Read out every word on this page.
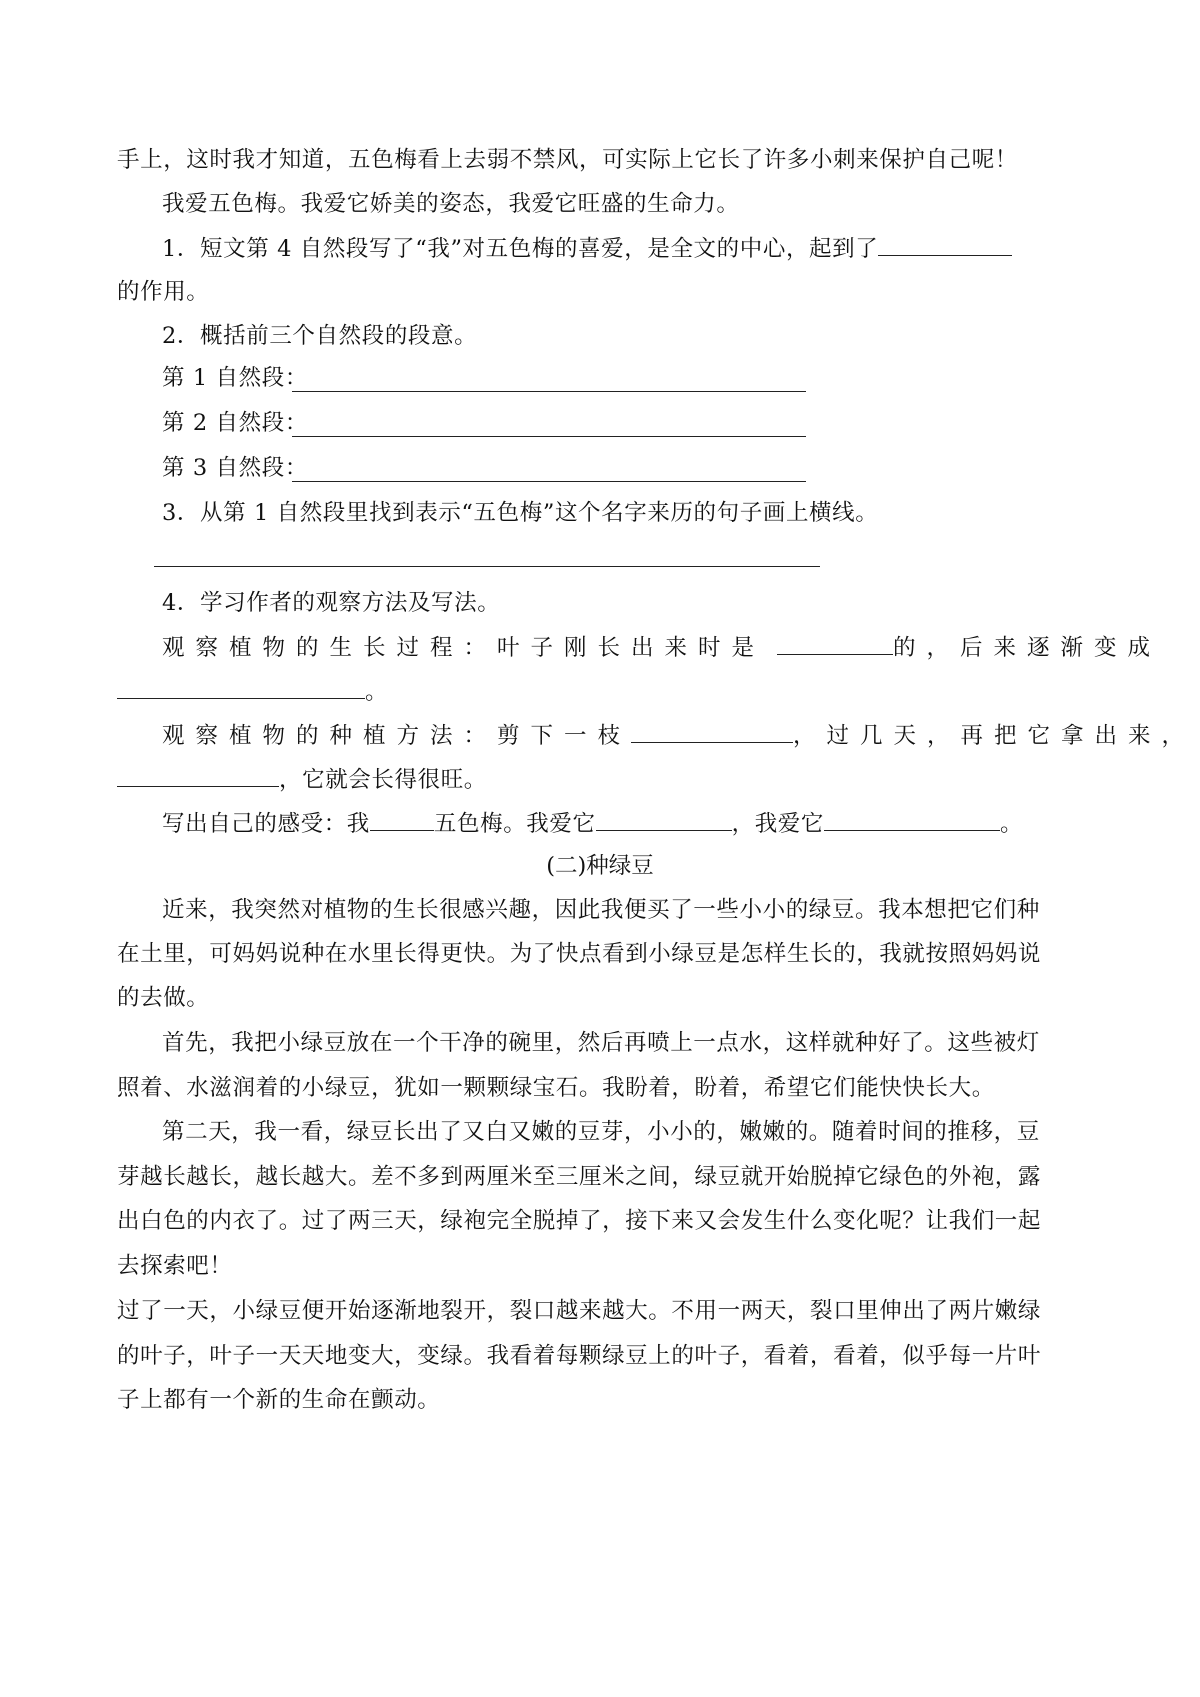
手上，这时我才知道，五色梅看上去弱不禁风，可实际上它长了许多小刺来保护自己呢！
我爱五色梅。我爱它娇美的姿态，我爱它旺盛的生命力。
1．短文第 4 自然段写了“我”对五色梅的喜爱，是全文的中心，起到了
的作用。
2．概括前三个自然段的段意。
第 1 自然段：
第 2 自然段：
第 3 自然段：
3．从第 1 自然段里找到表示“五色梅”这个名字来历的句子画上横线。
4．学习作者的观察方法及写法。
观察植物的生长过程：叶子刚长出来时是	的，后来逐渐变成
。
观察植物的种植方法：剪下一枝	，过几天，再把它拿出来，
，它就会长得很旺。
写出自己的感受：我	五色梅。我爱它	，我爱它	。
(二)种绿豆
近来，我突然对植物的生长很感兴趣，因此我便买了一些小小的绿豆。我本想把它们种
在土里，可妈妈说种在水里长得更快。为了快点看到小绿豆是怎样生长的，我就按照妈妈说
的去做。
首先，我把小绿豆放在一个干净的碗里，然后再喷上一点水，这样就种好了。这些被灯
照着、水滋润着的小绿豆，犹如一颗颗绿宝石。我盼着，盼着，希望它们能快快长大。
第二天，我一看，绿豆长出了又白又嫩的豆芽，小小的，嫩嫩的。随着时间的推移，豆
芽越长越长，越长越大。差不多到两厘米至三厘米之间，绿豆就开始脱掉它绿色的外袍，露
出白色的内衣了。过了两三天，绿袍完全脱掉了，接下来又会发生什么变化呢？让我们一起
去探索吧！
过了一天，小绿豆便开始逐渐地裂开，裂口越来越大。不用一两天，裂口里伸出了两片嫩绿
的叶子，叶子一天天地变大，变绿。我看着每颗绿豆上的叶子，看着，看着，似乎每一片叶
子上都有一个新的生命在颤动。
